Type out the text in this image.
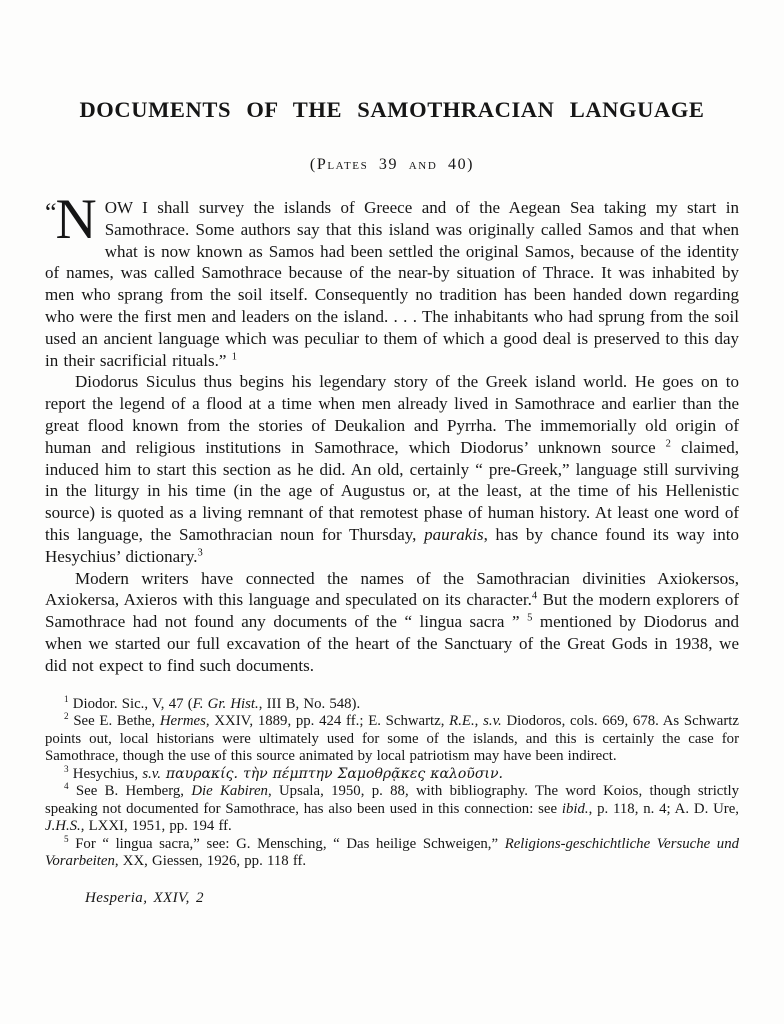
DOCUMENTS OF THE SAMOTHRACIAN LANGUAGE
(Plates 39 and 40)

“N OW I shall survey the islands of Greece and of the Aegean Sea taking my start in Samothrace. Some authors say that this island was originally called Samos and that when what is now known as Samos had been settled the original Samos, because of the identity of names, was called Samothrace because of the near-by situation of Thrace. It was inhabited by men who sprang from the soil itself. Consequently no tradition has been handed down regarding who were the first men and leaders on the island. . . . The inhabitants who had sprung from the soil used an ancient language which was peculiar to them of which a good deal is preserved to this day in their sacrificial rituals.” $^1$

Diodorus Siculus thus begins his legendary story of the Greek island world. He goes on to report the legend of a flood at a time when men already lived in Samothrace and earlier than the great flood known from the stories of Deukalion and Pyrrha. The immemorially old origin of human and religious institutions in Samothrace, which Diodorus’ unknown source $^2$ claimed, induced him to start this section as he did. An old, certainly “ pre-Greek,” language still surviving in the liturgy in his time (in the age of Augustus or, at the least, at the time of his Hellenistic source) is quoted as a living remnant of that remotest phase of human history. At least one word of this language, the Samothracian noun for Thursday, paurakis, has by chance found its way into Hesychius’ dictionary.$^3$

Modern writers have connected the names of the Samothracian divinities Axiokersos, Axiokersa, Axieros with this language and speculated on its character.$^4$ But the modern explorers of Samothrace had not found any documents of the “ lingua sacra ” $^5$ mentioned by Diodorus and when we started our full excavation of the heart of the Sanctuary of the Great Gods in 1938, we did not expect to find such documents.

$^1$ Diodor. Sic., V, 47 (F. Gr. Hist., III B, No. 548).

$^2$ See E. Bethe, Hermes, XXIV, 1889, pp. 424 ff.; E. Schwartz, R.E., s.v. Diodoros, cols. 669, 678. As Schwartz points out, local historians were ultimately used for some of the islands, and this is certainly the case for Samothrace, though the use of this source animated by local patriotism may have been indirect.

$^3$ Hesychius, s.v. παυρακίς. τὴν πέμπτην Σαμοθρᾷκες καλοῦσιν.

$^4$ See B. Hemberg, Die Kabiren, Upsala, 1950, p. 88, with bibliography. The word Koios, though strictly speaking not documented for Samothrace, has also been used in this connection: see ibid., p. 118, n. 4; A. D. Ure, J.H.S., LXXI, 1951, pp. 194 ff.

$^5$ For “ lingua sacra,” see: G. Mensching, “ Das heilige Schweigen,” Religions-geschichtliche Versuche und Vorarbeiten, XX, Giessen, 1926, pp. 118 ff.

Hesperia, XXIV, 2
